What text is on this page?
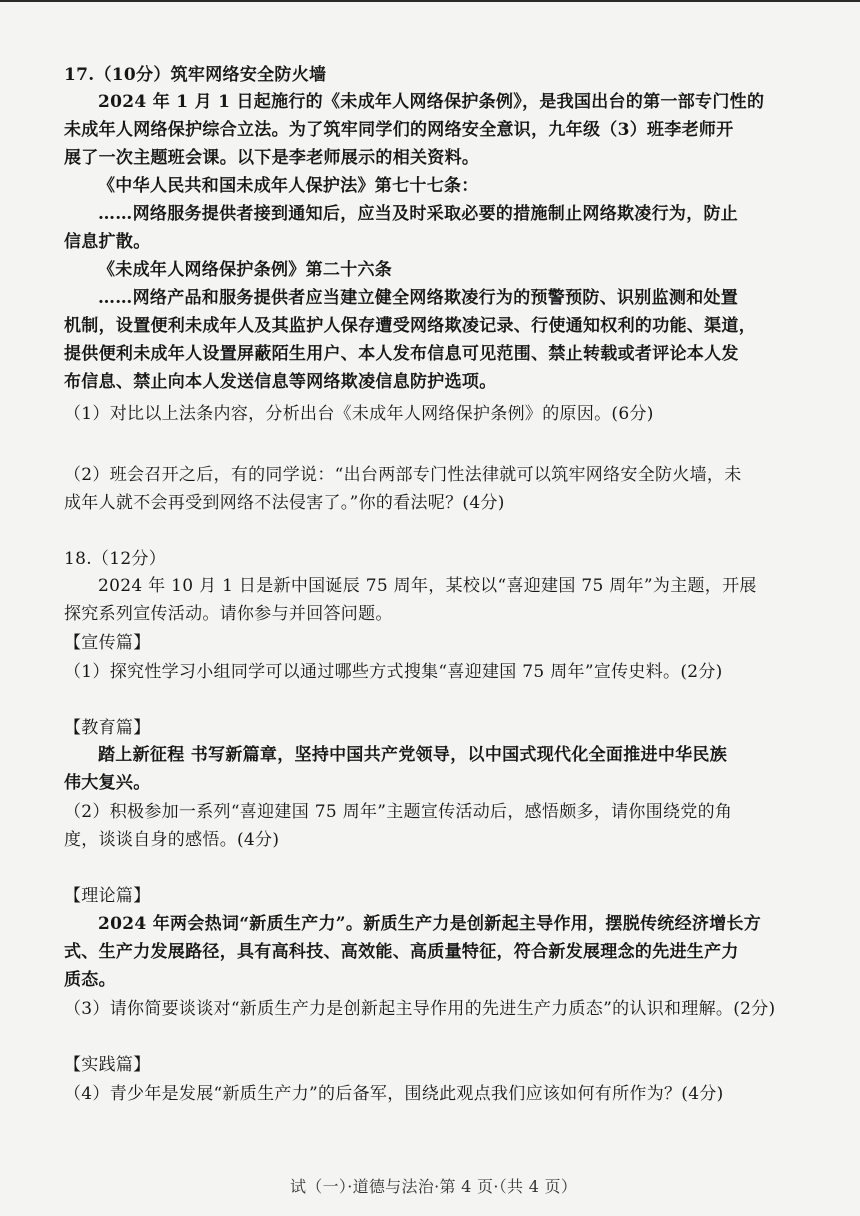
17.（10分）筑牢网络安全防火墙
2024 年 1 月 1 日起施行的《未成年人网络保护条例》，是我国出台的第一部专门性的
未成年人网络保护综合立法。为了筑牢同学们的网络安全意识，九年级（3）班李老师开
展了一次主题班会课。以下是李老师展示的相关资料。
《中华人民共和国未成年人保护法》第七十七条：
……网络服务提供者接到通知后，应当及时采取必要的措施制止网络欺凌行为，防止
信息扩散。
《未成年人网络保护条例》第二十六条
……网络产品和服务提供者应当建立健全网络欺凌行为的预警预防、识别监测和处置
机制，设置便利未成年人及其监护人保存遭受网络欺凌记录、行使通知权利的功能、渠道，
提供便利未成年人设置屏蔽陌生用户、本人发布信息可见范围、禁止转载或者评论本人发
布信息、禁止向本人发送信息等网络欺凌信息防护选项。
（1）对比以上法条内容，分析出台《未成年人网络保护条例》的原因。(6分)
（2）班会召开之后，有的同学说：“出台两部专门性法律就可以筑牢网络安全防火墙，未
成年人就不会再受到网络不法侵害了。”你的看法呢？(4分)
18.（12分）
2024 年 10 月 1 日是新中国诞辰 75 周年，某校以“喜迎建国 75 周年”为主题，开展
探究系列宣传活动。请你参与并回答问题。
【宣传篇】
（1）探究性学习小组同学可以通过哪些方式搜集“喜迎建国 75 周年”宣传史料。(2分)
【教育篇】
踏上新征程 书写新篇章，坚持中国共产党领导，以中国式现代化全面推进中华民族
伟大复兴。
（2）积极参加一系列“喜迎建国 75 周年”主题宣传活动后，感悟颇多，请你围绕党的角
度，谈谈自身的感悟。(4分)
【理论篇】
2024 年两会热词“新质生产力”。新质生产力是创新起主导作用，摆脱传统经济增长方
式、生产力发展路径，具有高科技、高效能、高质量特征，符合新发展理念的先进生产力
质态。
（3）请你简要谈谈对“新质生产力是创新起主导作用的先进生产力质态”的认识和理解。(2分)
【实践篇】
（4）青少年是发展“新质生产力”的后备军，围绕此观点我们应该如何有所作为？(4分)
试（一）·道德与法治·第 4 页·（共 4 页）
